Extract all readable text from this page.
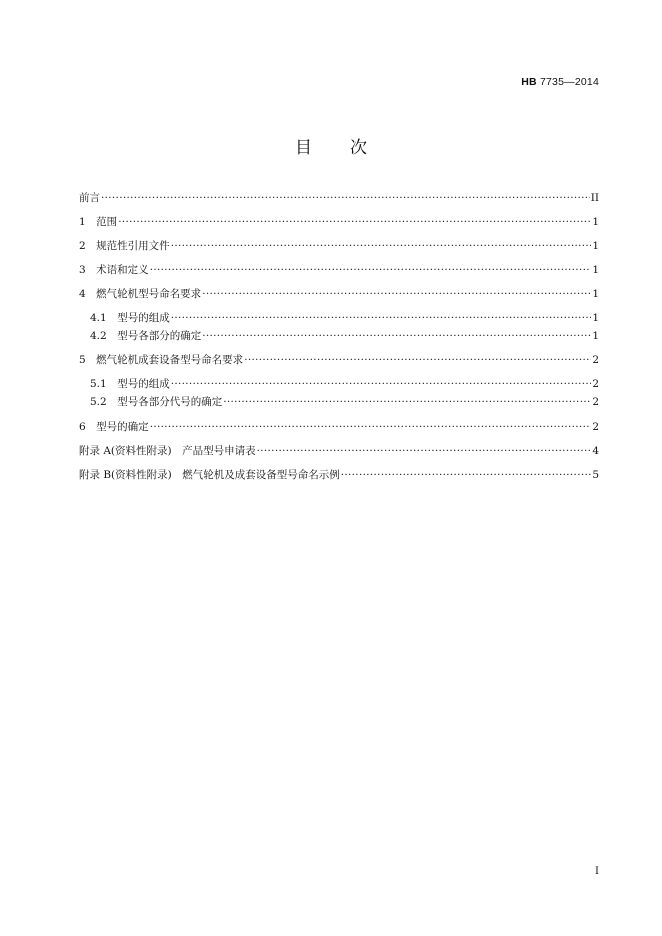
HB 7735—2014
目 次
前言 ·····	II
1　范围 ·····	1
2　规范性引用文件 ·····	1
3　术语和定义 ·····	1
4　燃气轮机型号命名要求 ·····	1
4.1　型号的组成 ·····	1
4.2　型号各部分的确定 ·····	1
5　燃气轮机成套设备型号命名要求 ·····	2
5.1　型号的组成 ·····	2
5.2　型号各部分代号的确定 ·····	2
6　型号的确定 ·····	2
附录 A(资料性附录)　产品型号申请表 ·····	4
附录 B(资料性附录)　燃气轮机及成套设备型号命名示例 ·····	5
I
